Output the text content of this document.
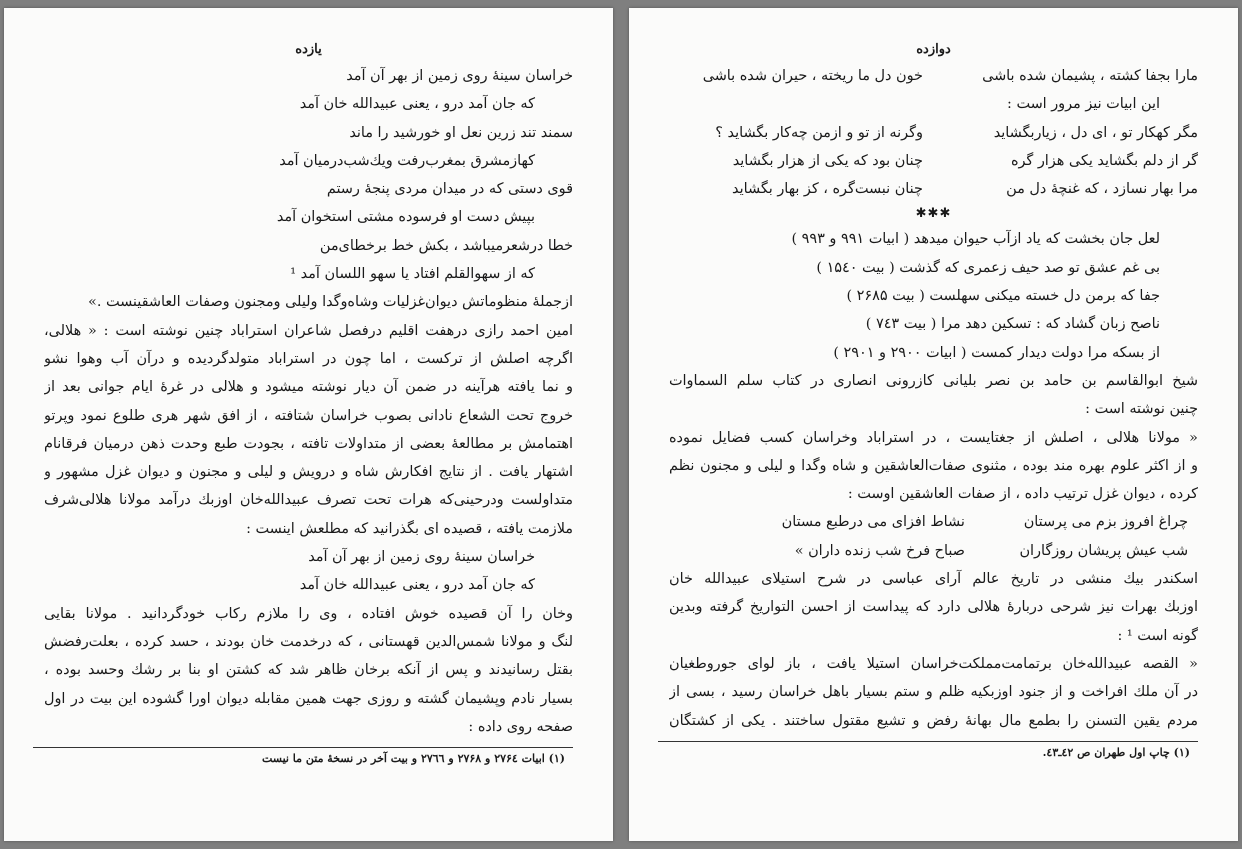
یازده
خراسان سینهٔ روی زمین از بهر آن آمد
که جان آمد درو ، یعنی عبیدالله خان آمد
سمند تند زرین نعل او خورشید را ماند
کهازمشرق بمغرب‌رفت ویك‌شب‌درمیان آمد
قوی دستی که در میدان مردی پنجهٔ رستم
بپیش دست او فرسوده مشتی استخوان آمد
خطا درشعرمیباشد ، بکش خط برخطای‌من
که از سهوالقلم افتاد یا سهو اللسان آمد ¹
ازجملهٔ منظوماتش دیوان‌غزلیات وشاه‌وگدا ولیلی ومجنون وصفات العاشقینست .»
امین احمد رازی درهفت اقلیم درفصل شاعران استراباد چنین نوشته است : « هلالی،
اگرچه اصلش از ترکست ، اما چون در استراباد متولدگردیده و درآن آب وهوا نشو
و نما یافته هرآینه در ضمن آن دیار نوشته میشود و هلالی در غرهٔ ایام جوانی بعد از
خروج تحت الشعاع نادانی بصوب خراسان شتافته ، از افق شهر هری طلوع نمود وپرتو
اهتمامش بر مطالعهٔ بعضی از متداولات تافته ، بجودت طبع وحدت ذهن درمیان فرقانام
اشتهار یافت . از نتایج افکارش شاه و درویش و لیلی و مجنون و دیوان غزل مشهور و
متداولست ودرحینی‌که هرات تحت تصرف عبیدالله‌خان اوزبك درآمد مولانا هلالی‌شرف
ملازمت یافته ، قصیده ای بگذرانید که مطلعش اینست :
خراسان سینهٔ روی زمین از بهر آن آمد
که جان آمد درو ، یعنی عبیدالله خان آمد
وخان را آن قصیده خوش افتاده ، وی را ملازم رکاب خودگردانید . مولانا بقایی
لنگ و مولانا شمس‌الدین قهستانی ، که درخدمت خان بودند ، حسد کرده ، بعلت‌رفضش
بقتل رسانیدند و پس از آنکه برخان ظاهر شد که کشتن او بنا بر رشك وحسد بوده ،
بسیار نادم وپشیمان گشته و روزی جهت همین مقابله دیوان اورا گشوده این بیت در اول
صفحه روی داده :
(۱) ابیات ۲۷۶٤ و ۲۷۶۸ و ۲۷٦٦ و بیت آخر در نسخهٔ متن ما نیست
دوازده
مارا بجفا کشته ، پشیمان شده باشی
خون دل ما ریخته ، حیران شده باشی
این ابیات نیز مرور است :
مگر کهکار تو ، ای دل ، زیاربگشاید
وگرنه از تو و ازمن چه‌کار بگشاید ؟
گر از دلم بگشاید یکی هزار گره
چنان بود که یکی از هزار بگشاید
مرا بهار نسازد ، که غنچهٔ دل من
چنان نبست‌گره ، کز بهار بگشاید
✱✱✱
لعل جان بخشت که یاد ازآب حیوان میدهد ( ابیات ۹۹۱ و ۹۹۳ )
بی غم عشق تو صد حیف زعمری که گذشت ( بیت ۱۵٤۰ )
جفا که برمن دل خسته میکنی سهلست ( بیت ۲۶۸۵ )
ناصح زبان گشاد که : تسکین دهد مرا ( بیت ۷٤۳ )
از بسکه مرا دولت دیدار کمست ( ابیات ۲۹۰۰ و ۲۹۰۱ )
شیخ ابوالقاسم بن حامد بن نصر بلیانی کازرونی انصاری در کتاب سلم السماوات
چنین نوشته است :
« مولانا هلالی ، اصلش از جغتایست ، در استراباد وخراسان کسب فضایل نموده
و از اکثر علوم بهره مند بوده ، مثنوی صفات‌العاشقین و شاه وگدا و لیلی و مجنون نظم
کرده ، دیوان غزل ترتیب داده ، از صفات العاشقین اوست :
چراغ افروز بزم می پرستان
نشاط افزای می درطبع مستان
شب عیش پریشان روزگاران
صباح فرخ شب زنده داران »
اسکندر بیك منشی در تاریخ عالم آرای عباسی در شرح استیلای عبیدالله خان
اوزبك بهرات نیز شرحی دربارهٔ هلالی دارد که پیداست از احسن التواریخ گرفته وبدین
گونه است ¹ :
« القصه عبیدالله‌خان برتمامت‌مملکت‌خراسان استیلا یافت ، باز لوای جوروطغیان
در آن ملك افراخت و از جنود اوزبکیه ظلم و ستم بسیار باهل خراسان رسید ، بسی از
مردم یقین التسنن را بطمع مال بهانهٔ رفض و تشیع مقتول ساختند . یکی از کشتگان
(۱) چاپ اول طهران ص ٤۲ـ٤۳.
